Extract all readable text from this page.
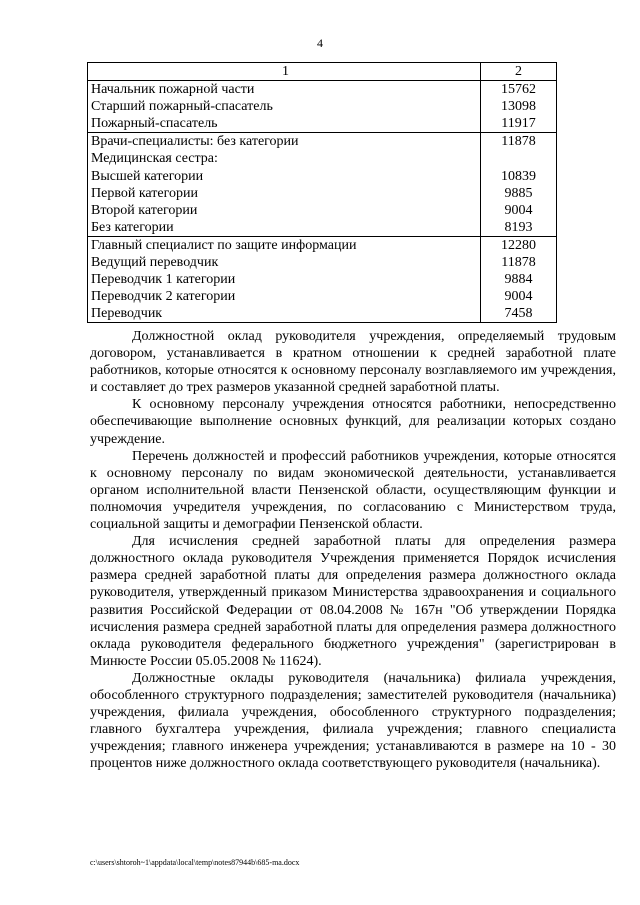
4
1	2
Начальник пожарной части	15762
Старший пожарный-спасатель	13098
Пожарный-спасатель	11917
Врачи-специалисты: без категории	11878
Медицинская сестра:	
Высшей категории	10839
Первой категории	9885
Второй категории	9004
Без категории	8193
Главный специалист по защите информации	12280
Ведущий переводчик	11878
Переводчик 1 категории	9884
Переводчик 2 категории	9004
Переводчик	7458

Должностной оклад руководителя учреждения, определяемый трудовым договором, устанавливается в кратном отношении к средней заработной плате работников, которые относятся к основному персоналу возглавляемого им учреждения, и составляет до трех размеров указанной средней заработной платы.

К основному персоналу учреждения относятся работники, непосредственно обеспечивающие выполнение основных функций, для реализации которых создано учреждение.

Перечень должностей и профессий работников учреждения, которые относятся к основному персоналу по видам экономической деятельности, устанавливается органом исполнительной власти Пензенской области, осуществляющим функции и полномочия учредителя учреждения, по согласованию с Министерством труда, социальной защиты и демографии Пензенской области.

Для исчисления средней заработной платы для определения размера должностного оклада руководителя Учреждения применяется Порядок исчисления размера средней заработной платы для определения размера должностного оклада руководителя, утвержденный приказом Министерства здравоохранения и социального развития Российской Федерации от 08.04.2008 № 167н "Об утверждении Порядка исчисления размера средней заработной платы для определения размера должностного оклада руководителя федерального бюджетного учреждения" (зарегистрирован в Минюсте России 05.05.2008 № 11624).

Должностные оклады руководителя (начальника) филиала учреждения, обособленного структурного подразделения; заместителей руководителя (начальника) учреждения, филиала учреждения, обособленного структурного подразделения; главного бухгалтера учреждения, филиала учреждения; главного специалиста учреждения; главного инженера учреждения; устанавливаются в размере на 10 - 30 процентов ниже должностного оклада соответствующего руководителя (начальника).

c:\users\shtoroh~1\appdata\local\temp\notes87944b\685-ma.docx
